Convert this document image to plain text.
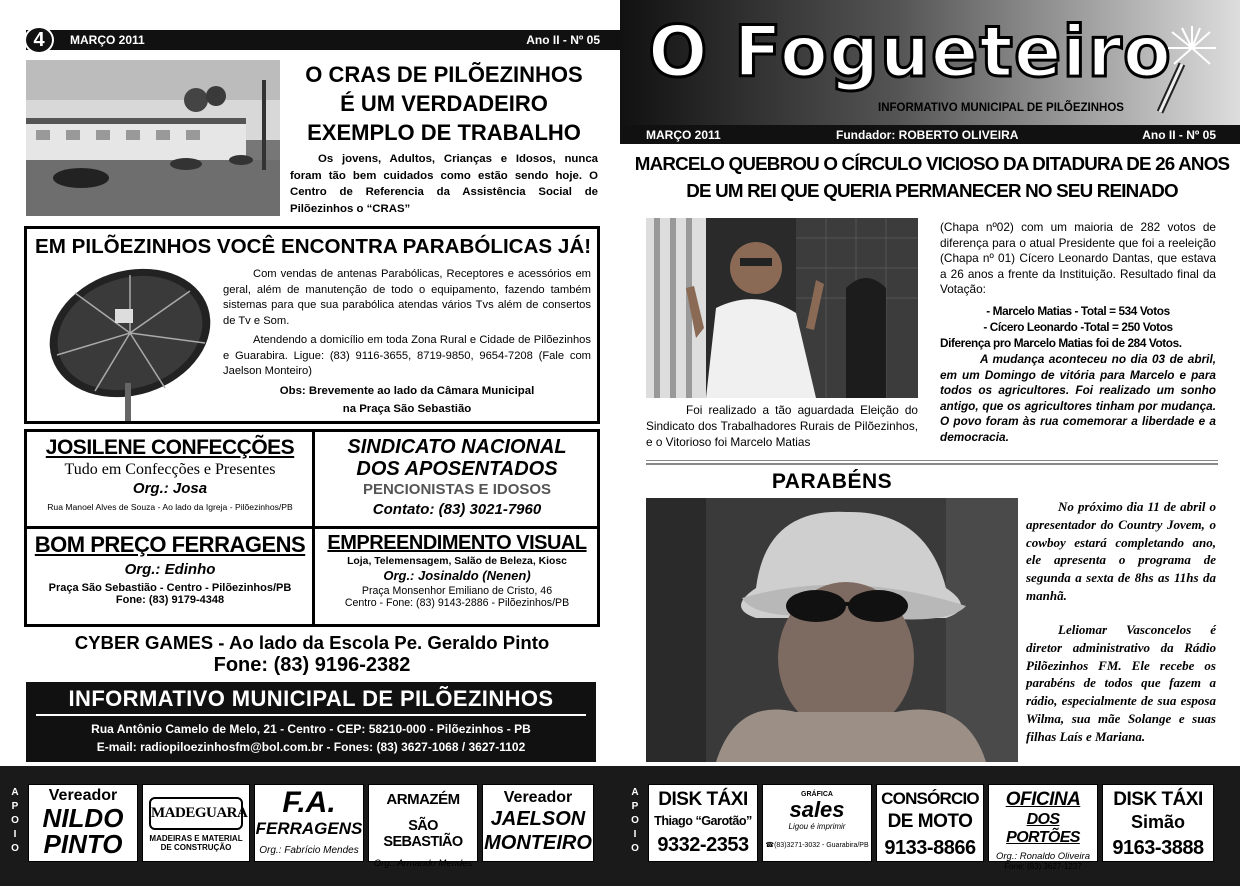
4	MARÇO 2011	Ano II - Nº 05
O CRAS DE PILÕEZINHOS
É UM VERDADEIRO
EXEMPLO DE TRABALHO
Os jovens, Adultos, Crianças e Idosos, nunca foram tão bem cuidados como estão sendo hoje. O Centro de Referencia da Assistência Social de Pilõezinhos o “CRAS”
EM PILÕEZINHOS VOCÊ ENCONTRA PARABÓLICAS JÁ!
Com vendas de antenas Parabólicas, Receptores e acessórios em geral, além de manutenção de todo o equipamento, fazendo também sistemas para que sua parabólica atendas vários Tvs além de consertos de Tv e Som.
Atendendo a domicílio em toda Zona Rural e Cidade de Pilõezinhos e Guarabira. Ligue: (83) 9116-3655, 8719-9850, 9654-7208 (Fale com Jaelson Monteiro)
Obs: Brevemente ao lado da Câmara Municipal
na Praça São Sebastião
JOSILENE CONFECÇÕES
Tudo em Confecções e Presentes
Org.: Josa
Rua Manoel Alves de Souza - Ao lado da Igreja - Pilõezinhos/PB
SINDICATO NACIONAL
DOS APOSENTADOS
PENCIONISTAS E IDOSOS
Contato: (83) 3021-7960
BOM PREÇO FERRAGENS
Org.: Edinho
Praça São Sebastião - Centro - Pilõezinhos/PB
Fone: (83) 9179-4348
EMPREENDIMENTO VISUAL
Loja, Telemensagem, Salão de Beleza, Kiosc
Org.: Josinaldo (Nenen)
Praça Monsenhor Emiliano de Cristo, 46
Centro - Fone: (83) 9143-2886 - Pilõezinhos/PB
CYBER GAMES - Ao lado da Escola Pe. Geraldo Pinto
Fone: (83) 9196-2382
INFORMATIVO MUNICIPAL DE PILÕEZINHOS
Rua Antônio Camelo de Melo, 21 - Centro - CEP: 58210-000 - Pilõezinhos - PB
E-mail: radiopiloezinhosfm@bol.com.br - Fones: (83) 3627-1068 / 3627-1102
A
P
O
I
O
Vereador
NILDO
PINTO
MADEGUARA
MADEIRAS E MATERIAL DE CONSTRUÇÃO
F.A.
FERRAGENS
Org.: Fabrício Mendes
ARMAZÉM
SÃO SEBASTIÃO
Org.: Armando Mendes
Vereador
JAELSON
MONTEIRO
O Fogueteiro
INFORMATIVO MUNICIPAL DE PILÕEZINHOS
MARÇO 2011	Fundador: ROBERTO OLIVEIRA	Ano II - Nº 05
MARCELO QUEBROU O CÍRCULO VICIOSO DA DITADURA DE 26 ANOS
DE UM REI QUE QUERIA PERMANECER NO SEU REINADO
Foi realizado a tão aguardada Eleição do Sindicato dos Trabalhadores Rurais de Pilõezinhos, e o Vitorioso foi Marcelo Matias
(Chapa nº02) com um maioria de 282 votos de diferença para o atual Presidente que foi a reeleição (Chapa nº 01) Cícero Leonardo Dantas, que estava a 26 anos a frente da Instituição. Resultado final da Votação:
- Marcelo Matias - Total = 534 Votos
- Cícero Leonardo -Total = 250 Votos
Diferença pro Marcelo Matias foi de 284 Votos.
A mudança aconteceu no dia 03 de abril, em um Domingo de vitória para Marcelo e para todos os agricultores. Foi realizado um sonho antigo, que os agricultores tinham por mudança. O povo foram às rua comemorar a liberdade e a democracia.
PARABÉNS
No próximo dia 11 de abril o apresentador do Country Jovem, o cowboy estará completando ano, ele apresenta o programa de segunda a sexta de 8hs as 11hs da manhã.
Leliomar Vasconcelos é diretor administrativo da Rádio Pilõezinhos FM. Ele recebe os parabéns de todos que fazem a rádio, especialmente de sua esposa Wilma, sua mãe Solange e suas filhas Laís e Mariana.
A
P
O
I
O
DISK TÁXI
Thiago “Garotão”
9332-2353
GRÁFICA
sales
Ligou é imprimir
☎(83)3271-3032 - Guarabira/PB
CONSÓRCIO
DE MOTO
9133-8866
OFICINA
DOS PORTÕES
Org.: Ronaldo Oliveira
Fone: (83) 3627-1237
DISK TÁXI
Simão
9163-3888
